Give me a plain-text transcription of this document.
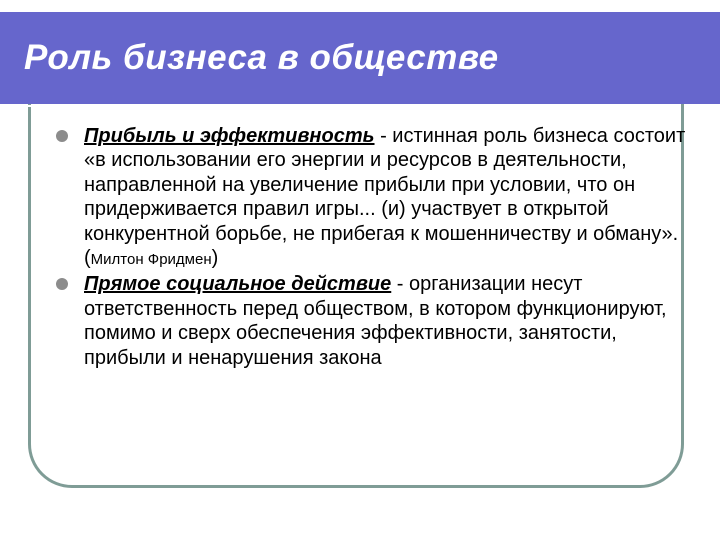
Роль бизнеса в обществе

Прибыль и эффективность - истинная роль бизнеса состоит «в использовании его энергии и ресурсов в деятельности, направленной на увеличение прибыли при условии, что он придерживается правил игры... (и) участвует в открытой конкурентной борьбе, не прибегая к мошенничеству и обману». (Милтон Фридмен)

Прямое социальное действие - организации несут ответственность перед обществом, в котором функционируют, помимо и сверх обеспечения эффективности, занятости, прибыли и ненарушения закона
